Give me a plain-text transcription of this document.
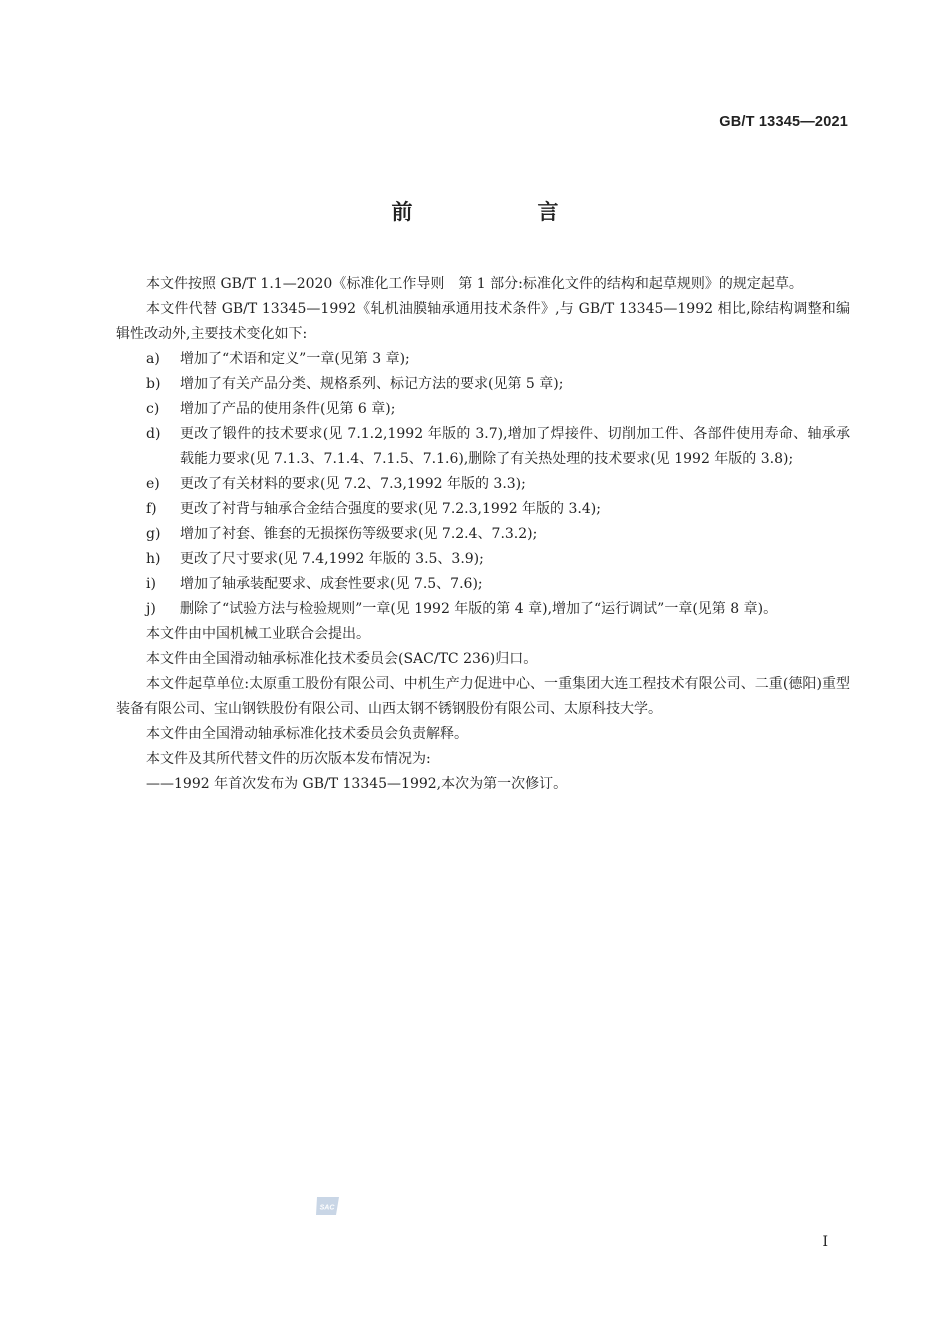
GB/T 13345—2021
前　言

本文件按照 GB/T 1.1—2020《标准化工作导则　第 1 部分:标准化文件的结构和起草规则》的规定起草。

本文件代替 GB/T 13345—1992《轧机油膜轴承通用技术条件》,与 GB/T 13345—1992 相比,除结构调整和编辑性改动外,主要技术变化如下:

a) 增加了“术语和定义”一章(见第 3 章);
b) 增加了有关产品分类、规格系列、标记方法的要求(见第 5 章);
c) 增加了产品的使用条件(见第 6 章);
d) 更改了锻件的技术要求(见 7.1.2,1992 年版的 3.7),增加了焊接件、切削加工件、各部件使用寿命、轴承承载能力要求(见 7.1.3、7.1.4、7.1.5、7.1.6),删除了有关热处理的技术要求(见 1992 年版的 3.8);
e) 更改了有关材料的要求(见 7.2、7.3,1992 年版的 3.3);
f) 更改了衬背与轴承合金结合强度的要求(见 7.2.3,1992 年版的 3.4);
g) 增加了衬套、锥套的无损探伤等级要求(见 7.2.4、7.3.2);
h) 更改了尺寸要求(见 7.4,1992 年版的 3.5、3.9);
i) 增加了轴承装配要求、成套性要求(见 7.5、7.6);
j) 删除了“试验方法与检验规则”一章(见 1992 年版的第 4 章),增加了“运行调试”一章(见第 8 章)。

本文件由中国机械工业联合会提出。

本文件由全国滑动轴承标准化技术委员会(SAC/TC 236)归口。

本文件起草单位:太原重工股份有限公司、中机生产力促进中心、一重集团大连工程技术有限公司、二重(德阳)重型装备有限公司、宝山钢铁股份有限公司、山西太钢不锈钢股份有限公司、太原科技大学。

本文件由全国滑动轴承标准化技术委员会负责解释。

本文件及其所代替文件的历次版本发布情况为:

——1992 年首次发布为 GB/T 13345—1992,本次为第一次修订。
SAC
I
